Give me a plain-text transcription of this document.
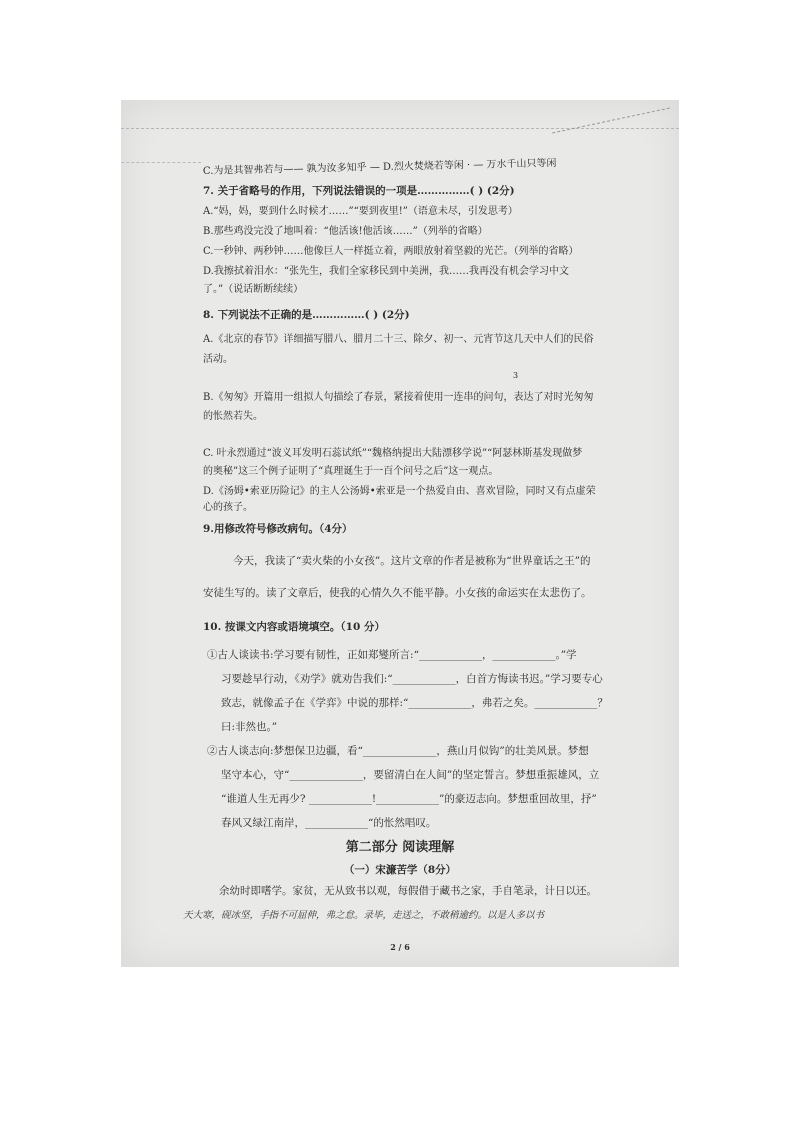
C.为是其智弗若与—— 孰为汝多知乎 — D.烈火焚烧若等闲 · — 万水千山只等闲
7. 关于省略号的作用，下列说法错误的一项是……………( ) (2分)
A.“妈，妈，要到什么时候才……”“要到夜里!”（语意未尽，引发思考）
B.那些鸡没完没了地叫着：“他活该!他活该……”（列举的省略）
C.一秒钟、两秒钟……他像巨人一样挺立着，两眼放射着坚毅的光芒。（列举的省略）
D.我擦拭着泪水：“张先生，我们全家移民到中美洲，我……我再没有机会学习中文
了。”（说话断断续续）
8. 下列说法不正确的是……………( ) (2分)
A.《北京的春节》详细描写腊八、腊月二十三、除夕、初一、元宵节这几天中人们的民俗
活动。
3
B.《匆匆》开篇用一组拟人句描绘了春景，紧接着使用一连串的问句，表达了对时光匆匆
的怅然若失。
C. 叶永烈通过“波义耳发明石蕊试纸”“魏格纳提出大陆漂移学说”“阿瑟林斯基发现做梦
的奥秘”这三个例子证明了“真理诞生于一百个问号之后”这一观点。
D.《汤姆•索亚历险记》的主人公汤姆•索亚是一个热爱自由、喜欢冒险，同时又有点虚荣
心的孩子。
9.用修改符号修改病句。（4分）
今天，我读了“卖火柴的小女孩”。这片文章的作者是被称为“世界童话之王”的
安徒生写的。读了文章后，使我的心情久久不能平静。小女孩的命运实在太悲伤了。
10. 按课文内容或语境填空。（10 分）
①古人谈读书:学习要有韧性，正如郑燮所言:“____________，____________。”学
习要趁早行动，《劝学》就劝告我们:“____________，白首方悔读书迟。”学习要专心
致志，就像孟子在《学弈》中说的那样:“____________，弗若之矣。____________？
曰:非然也。”
②古人谈志向:梦想保卫边疆，看“______________，燕山月似钩”的壮美风景。梦想
坚守本心，守“______________，要留清白在人间”的坚定誓言。梦想重振雄风，立
“谁道人生无再少? ____________!____________”的豪迈志向。梦想重回故里，抒”
春风又绿江南岸，____________“的怅然唱叹。
第二部分 阅读理解
（一）宋濂苦学（8分）
余幼时即嗜学。家贫，无从致书以观，每假借于藏书之家，手自笔录，计日以还。
天大寒，砚冰坚，手指不可屈伸，弗之怠。录毕，走送之，不敢稍逾约。以是人多以书
2 / 6
